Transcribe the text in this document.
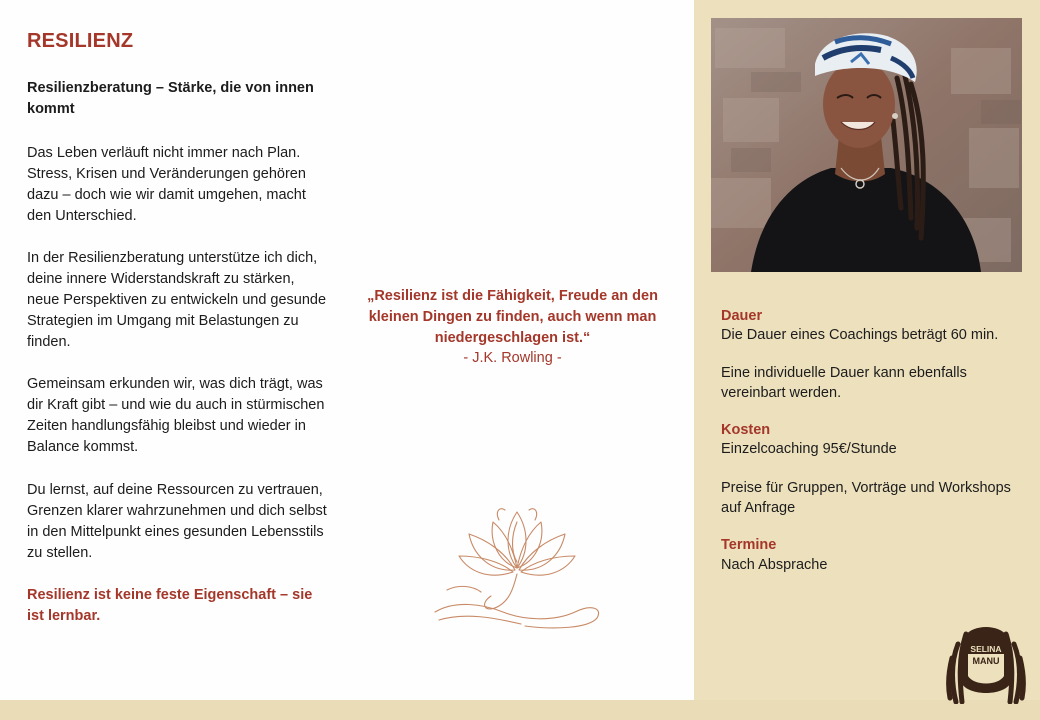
RESILIENZ
Resilienzberatung – Stärke, die von innen kommt

Das Leben verläuft nicht immer nach Plan. Stress, Krisen und Veränderungen gehören dazu – doch wie wir damit umgehen, macht den Unterschied.

In der Resilienzberatung unterstütze ich dich, deine innere Widerstandskraft zu stärken, neue Perspektiven zu entwickeln und gesunde Strategien im Umgang mit Belastungen zu finden.

Gemeinsam erkunden wir, was dich trägt, was dir Kraft gibt – und wie du auch in stürmischen Zeiten handlungsfähig bleibst und wieder in Balance kommst.

Du lernst, auf deine Ressourcen zu vertrauen, Grenzen klarer wahrzunehmen und dich selbst in den Mittelpunkt eines gesunden Lebensstils zu stellen.

Resilienz ist keine feste Eigenschaft – sie ist lernbar.
„Resilienz ist die Fähigkeit, Freude an den kleinen Dingen zu finden, auch wenn man niedergeschlagen ist.“
- J.K. Rowling -
Dauer
Die Dauer eines Coachings beträgt 60 min.
Eine individuelle Dauer kann ebenfalls vereinbart werden.
Kosten
Einzelcoaching 95€/Stunde
Preise für Gruppen, Vorträge und Workshops auf Anfrage
Termine
Nach Absprache
SELINA
MANU
